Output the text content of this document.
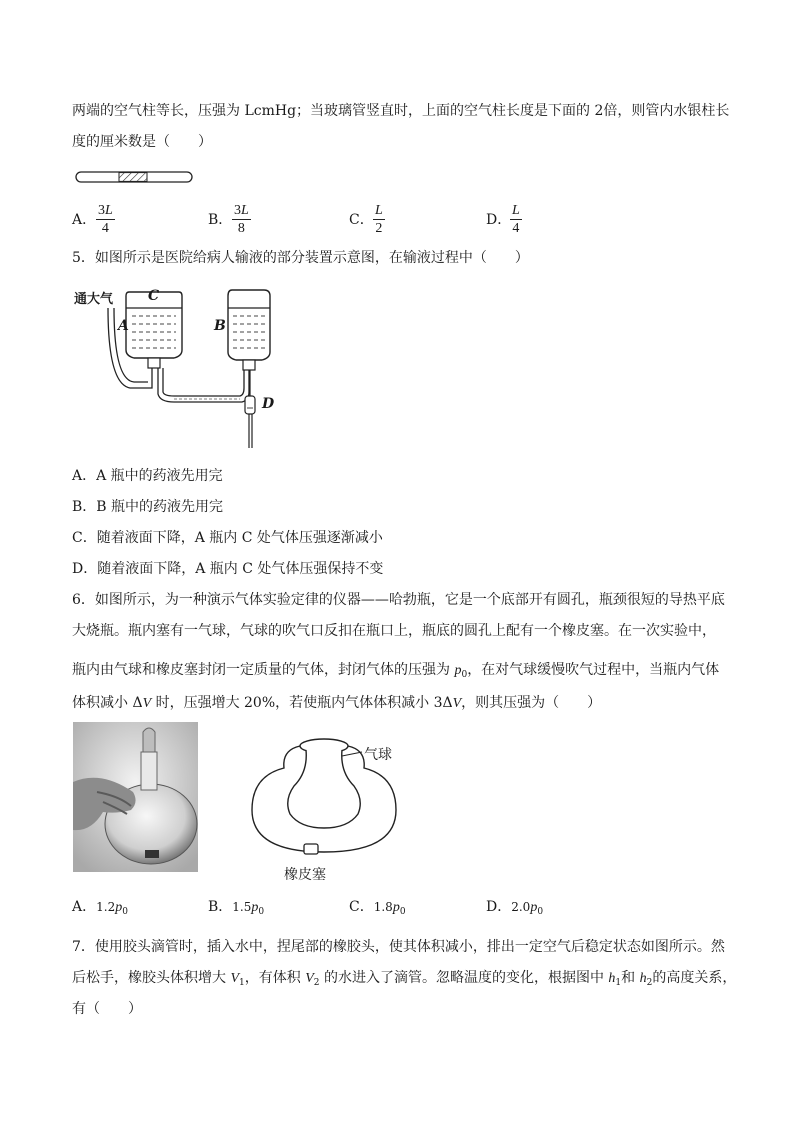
两端的空气柱等长，压强为 LcmHg；当玻璃管竖直时，上面的空气柱长度是下面的 2倍，则管内水银柱长
度的厘米数是（　　）
A．
3L
4
B．
3L
8
C．
L
2
D．
L
4
5．如图所示是医院给病人输液的部分装置示意图，在输液过程中（　　）
通大气
A
C
B
D
A．A 瓶中的药液先用完
B．B 瓶中的药液先用完
C．随着液面下降，A 瓶内 C 处气体压强逐渐减小
D．随着液面下降，A 瓶内 C 处气体压强保持不变
6．如图所示，为一种演示气体实验定律的仪器——哈勃瓶，它是一个底部开有圆孔，瓶颈很短的导热平底
大烧瓶。瓶内塞有一气球，气球的吹气口反扣在瓶口上，瓶底的圆孔上配有一个橡皮塞。在一次实验中，
瓶内由气球和橡皮塞封闭一定质量的气体，封闭气体的压强为 $p_0$，在对气球缓慢吹气过程中，当瓶内气体
体积减小 ΔV 时，压强增大 20%，若使瓶内气体体积减小 3ΔV，则其压强为（　　）
气球
橡皮塞
A．$1.2p_0$	B．$1.5p_0$	C．$1.8p_0$	D．$2.0p_0$
7．使用胶头滴管时，插入水中，捏尾部的橡胶头，使其体积减小，排出一定空气后稳定状态如图所示。然
后松手，橡胶头体积增大 $V_1$，有体积 $V_2$ 的水进入了滴管。忽略温度的变化，根据图中 $h_1$和 $h_2$的高度关系，
有（　　）
